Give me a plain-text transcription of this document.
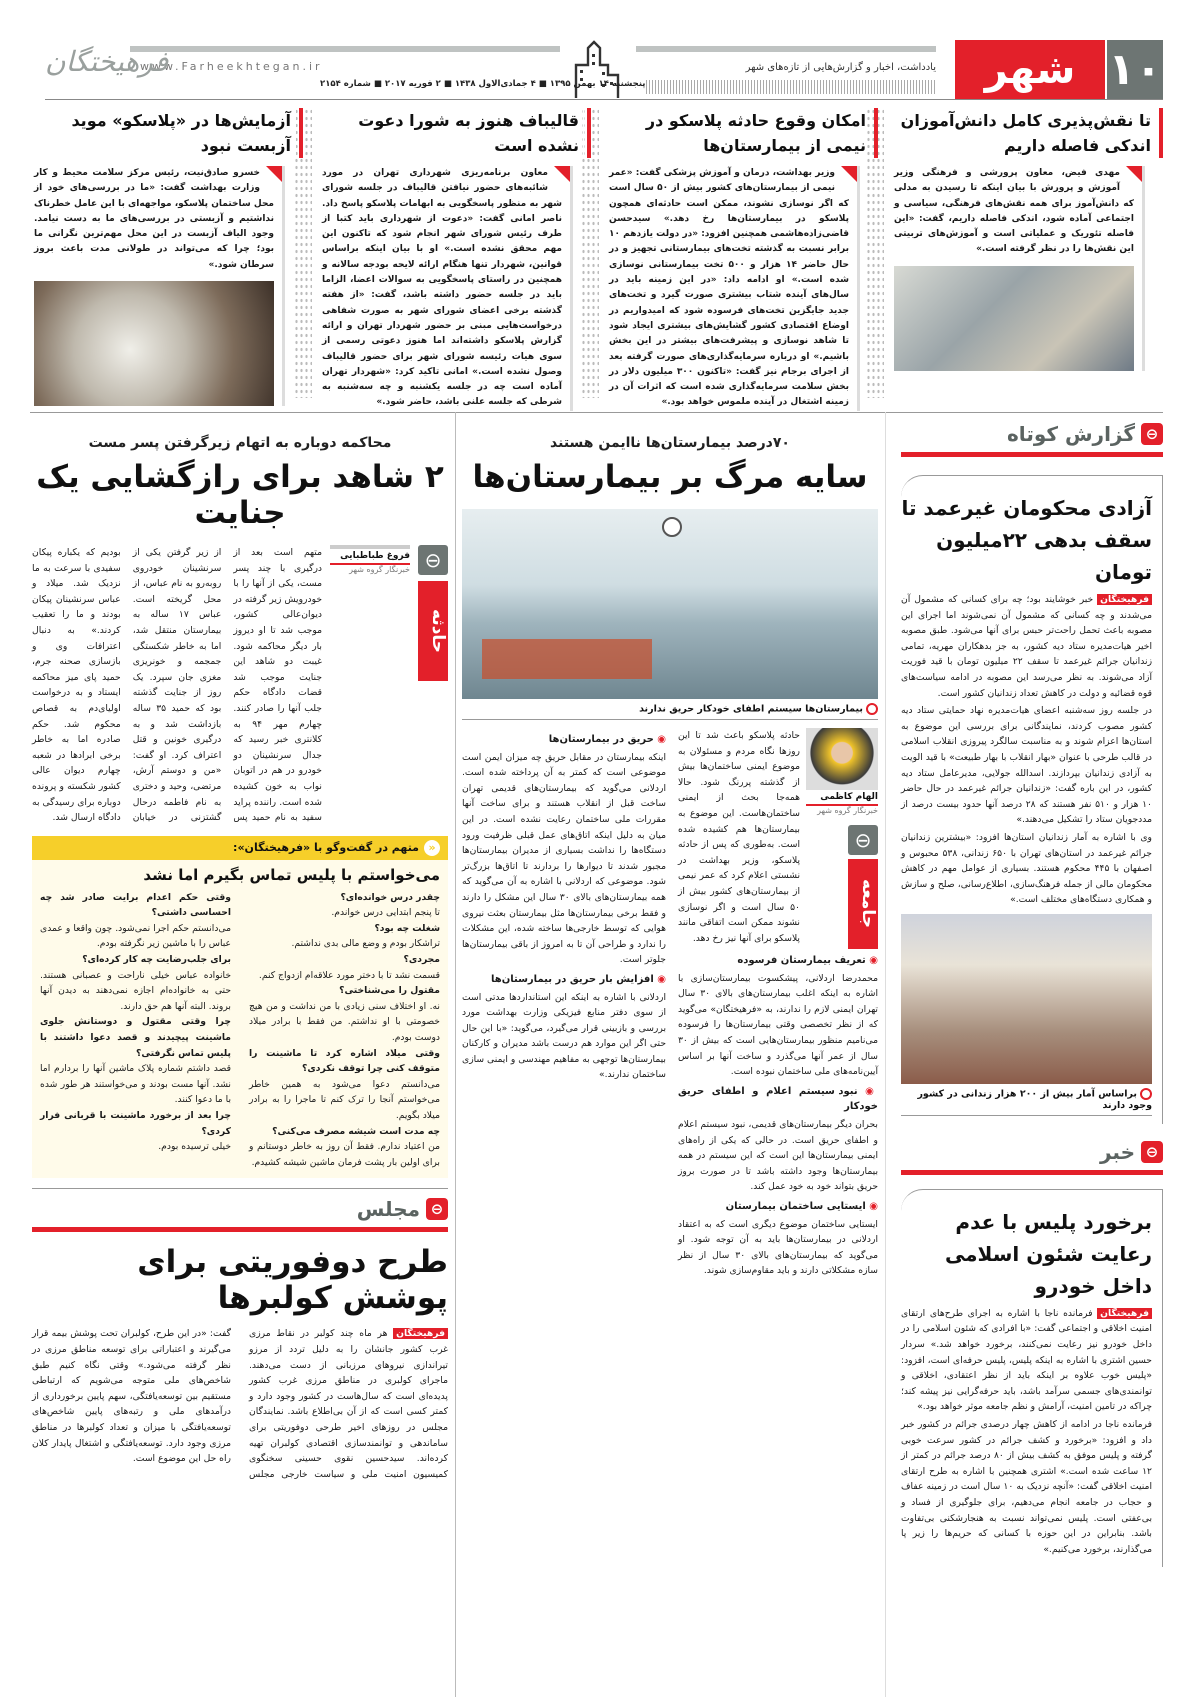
۱۰
شهر
یادداشت، اخبار و گزارش‌هایی از تازه‌های شهر
پنجشنبه ۱۴ بهمن ۱۳۹۵ ■ ۴ جمادی‌الاول ۱۴۳۸ ■ ۲ فوریه ۲۰۱۷ ■ شماره ۲۱۵۴
www.Farheekhtegan.ir
فرهیختگان
تا نقش‌پذیری کامل دانش‌آموزان اندکی فاصله داریم
مهدی فیض، معاون پرورشی و فرهنگی وزیر آموزش و پرورش با بیان اینکه تا رسیدن به مدلی که دانش‌آموز برای همه نقش‌های فرهنگی، سیاسی و اجتماعی آماده شود، اندکی فاصله داریم، گفت: «این فاصله تئوریک و عملیاتی است و آموزش‌های تربیتی این نقش‌ها را در نظر گرفته است.»
امکان وقوع حادثه پلاسکو در نیمی از بیمارستان‌ها
وزیر بهداشت، درمان و آموزش پزشکی گفت: «عمر نیمی از بیمارستان‌های کشور بیش از ۵۰ سال است که اگر نوسازی نشوند، ممکن است حادثه‌ای همچون پلاسکو در بیمارستان‌ها رخ دهد.» سیدحسن قاضی‌زاده‌هاشمی همچنین افزود: «در دولت یازدهم ۱۰ برابر نسبت به گذشته تخت‌های بیمارستانی تجهیز و در حال حاضر ۱۴ هزار و ۵۰۰ تخت بیمارستانی نوسازی شده است.» او ادامه داد: «در این زمینه باید در سال‌های آینده شتاب بیشتری صورت گیرد و تخت‌های جدید جایگزین تخت‌های فرسوده شود که امیدواریم در اوضاع اقتصادی کشور گشایش‌های بیشتری ایجاد شود تا شاهد نوسازی و پیشرفت‌های بیشتر در این بخش باشیم.» او درباره سرمایه‌گذاری‌های صورت گرفته بعد از اجرای برجام نیز گفت: «تاکنون ۳۰۰ میلیون دلار در بخش سلامت سرمایه‌گذاری شده است که اثرات آن در زمینه اشتغال در آینده ملموس خواهد بود.»
قالیباف هنوز به شورا دعوت نشده است
معاون برنامه‌ریزی شهرداری تهران در مورد شائبه‌های حضور نیافتن قالیباف در جلسه شورای شهر به منظور پاسخگویی به ابهامات پلاسکو پاسخ داد. ناصر امانی گفت: «دعوت از شهرداری باید کتبا از طرف رئیس شورای شهر انجام شود که تاکنون این مهم محقق نشده است.» او با بیان اینکه براساس قوانین، شهردار تنها هنگام ارائه لایحه بودجه سالانه و همچنین در راستای پاسخگویی به سوالات اعضا، الزاما باید در جلسه حضور داشته باشد، گفت: «از هفته گذشته برخی اعضای شورای شهر به صورت شفاهی درخواست‌هایی مبنی بر حضور شهردار تهران و ارائه گزارش پلاسکو داشته‌اند اما هنوز دعوتی رسمی از سوی هیات رئیسه شورای شهر برای حضور قالیباف وصول نشده است.» امانی تاکید کرد: «شهردار تهران آماده است چه در جلسه یکشنبه و چه سه‌شنبه به شرطی که جلسه علنی باشد، حاضر شود.»
آزمایش‌ها در «پلاسکو» موید آزبست نبود
خسرو صادق‌نیت، رئیس مرکز سلامت محیط و کار وزارت بهداشت گفت: «ما در بررسی‌های خود از محل ساختمان پلاسکو، مواجهه‌ای با این عامل خطرناک نداشتیم و آزبستی در بررسی‌های ما به دست نیامد. وجود الیاف آزبست در این محل مهم‌ترین نگرانی ما بود؛ چرا که می‌تواند در طولانی مدت باعث بروز سرطان شود.»
⊖
گزارش کوتاه
آزادی محکومان غیرعمد تا سقف بدهی ۲۲میلیون تومان

فرهیختگان خبر خوشایند بود؛ چه برای کسانی که مشمول آن می‌شدند و چه کسانی که مشمول آن نمی‌شوند اما اجرای این مصوبه باعث تحمل راحت‌تر حبس برای آنها می‌شود. طبق مصوبه اخیر هیات‌مدیره ستاد دیه کشور، به جز بدهکاران مهریه، تمامی زندانیان جرائم غیرعمد تا سقف ۲۲ میلیون تومان با قید فوریت آزاد می‌شوند. به نظر می‌رسد این مصوبه در ادامه سیاست‌های قوه قضائیه و دولت در کاهش تعداد زندانیان کشور است.

در جلسه روز سه‌شنبه اعضای هیات‌مدیره نهاد حمایتی ستاد دیه کشور مصوب کردند، نمایندگانی برای بررسی این موضوع به استان‌ها اعزام شوند و به مناسبت سالگرد پیروزی انقلاب اسلامی در قالب طرحی با عنوان «بهار انقلاب با بهار طبیعت» با قید الویت به آزادی زندانیان بپردازند. اسدالله جولایی، مدیرعامل ستاد دیه کشور، در این باره گفت: «زندانیان جرائم غیرعمد در حال حاضر ۱۰ هزار و ۵۱۰ نفر هستند که ۲۸ درصد آنها حدود بیست درصد از مددجویان ستاد را تشکیل می‌دهند.»

وی با اشاره به آمار زندانیان استان‌ها افزود: «بیشترین زندانیان جرائم غیرعمد در استان‌های تهران با ۶۵۰ زندانی، ۵۳۸ محبوس و اصفهان با ۴۴۵ محکوم هستند. بسیاری از عوامل مهم در کاهش محکومان مالی از جمله فرهنگ‌سازی، اطلاع‌رسانی، صلح و سازش و همکاری دستگاه‌های مختلف است.»

براساس آمار بیش از ۲۰۰ هزار زندانی در کشور وجود دارند
⊖
خبر
برخورد پلیس با عدم رعایت شئون اسلامی داخل خودرو

فرهیختگان فرمانده ناجا با اشاره به اجرای طرح‌های ارتقای امنیت اخلاقی و اجتماعی گفت: «با افرادی که شئون اسلامی را در داخل خودرو نیز رعایت نمی‌کنند، برخورد خواهد شد.» سردار حسین اشتری با اشاره به اینکه پلیس، پلیس حرفه‌ای است، افزود: «پلیس خوب علاوه بر اینکه باید از نظر اعتقادی، اخلاقی و توانمندی‌های جسمی سرآمد باشد، باید حرفه‌گرایی نیز پیشه کند؛ چراکه در تامین امنیت، آرامش و نظم جامعه موثر خواهد بود.»

فرمانده ناجا در ادامه از کاهش چهار درصدی جرائم در کشور خبر داد و افزود: «برخورد و کشف جرائم در کشور سرعت خوبی گرفته و پلیس موفق به کشف بیش از ۸۰ درصد جرائم در کمتر از ۱۲ ساعت شده است.» اشتری همچنین با اشاره به طرح ارتقای امنیت اخلاقی گفت: «آنچه نزدیک به ۱۰ سال است در زمینه عفاف و حجاب در جامعه انجام می‌دهیم، برای جلوگیری از فساد و بی‌عفتی است. پلیس نمی‌تواند نسبت به هنجارشکنی بی‌تفاوت باشد. بنابراین در این حوزه با کسانی که حریم‌ها را زیر پا می‌گذارند، برخورد می‌کنیم.»

۷۰درصد بیمارستان‌ها ناایمن هستند
سایه مرگ بر بیمارستان‌ها
بیمارستان‌ها سیستم اطفای خودکار حریق ندارند
الهام کاظمی
خبرنگار گروه شهر
⊖
جامعه
حادثه پلاسکو باعث شد تا این روزها نگاه مردم و مسئولان به موضوع ایمنی ساختمان‌ها بیش از گذشته پررنگ شود. حالا همه‌جا بحث از ایمنی ساختمان‌هاست. این موضوع به بیمارستان‌ها هم کشیده شده است. به‌طوری که پس از حادثه پلاسکو، وزیر بهداشت در نشستی اعلام کرد که عمر نیمی از بیمارستان‌های کشور بیش از ۵۰ سال است و اگر نوسازی نشوند ممکن است اتفاقی مانند پلاسکو برای آنها نیز رخ دهد.
◉ تعریف بیمارستان فرسوده

محمدرضا اردلانی، پیشکسوت بیمارستان‌سازی با اشاره به اینکه اغلب بیمارستان‌های بالای ۳۰ سال تهران ایمنی لازم را ندارند، به «فرهیختگان» می‌گوید که از نظر تخصصی وقتی بیمارستان‌ها را فرسوده می‌نامیم منظور بیمارستان‌هایی است که بیش از ۳۰ سال از عمر آنها می‌گذرد و ساخت آنها بر اساس آیین‌نامه‌های ملی ساختمان نبوده است.

◉ نبود سیستم اعلام و اطفای حریق خودکار

بحران دیگر بیمارستان‌های قدیمی، نبود سیستم اعلام و اطفای حریق است. در حالی که یکی از راه‌های ایمنی بیمارستان‌ها این است که این سیستم در همه بیمارستان‌ها وجود داشته باشد تا در صورت بروز حریق بتواند خود به خود عمل کند.

◉ ایستایی ساختمان بیمارستان

ایستایی ساختمان موضوع دیگری است که به اعتقاد اردلانی در بیمارستان‌ها باید به آن توجه شود. او می‌گوید که بیمارستان‌های بالای ۳۰ سال از نظر سازه مشکلاتی دارند و باید مقاوم‌سازی شوند.

◉ حریق در بیمارستان‌ها

اینکه بیمارستان در مقابل حریق چه میزان ایمن است موضوعی است که کمتر به آن پرداخته شده است. اردلانی می‌گوید که بیمارستان‌های قدیمی تهران ساخت قبل از انقلاب هستند و برای ساخت آنها مقررات ملی ساختمان رعایت نشده است. در این میان به دلیل اینکه اتاق‌های عمل قبلی ظرفیت ورود دستگاه‌ها را نداشت بسیاری از مدیران بیمارستان‌ها مجبور شدند تا دیوارها را بردارند تا اتاق‌ها بزرگ‌تر شود. موضوعی که اردلانی با اشاره به آن می‌گوید که همه بیمارستان‌های بالای ۳۰ سال این مشکل را دارند و فقط برخی بیمارستان‌ها مثل بیمارستان بعثت نیروی هوایی که توسط خارجی‌ها ساخته شده، این مشکلات را ندارد و طراحی آن تا به امروز از باقی بیمارستان‌ها جلوتر است.

◉ افزایش بار حریق در بیمارستان‌ها

اردلانی با اشاره به اینکه این استانداردها مدتی است از سوی دفتر منابع فیزیکی وزارت بهداشت مورد بررسی و بازبینی قرار می‌گیرد، می‌گوید: «با این حال حتی اگر این موارد هم درست باشد مدیران و کارکنان بیمارستان‌ها توجهی به مفاهیم مهندسی و ایمنی سازی ساختمان ندارند.»

محاکمه دوباره به اتهام زیرگرفتن پسر مست
۲ شاهد برای رازگشایی یک جنایت
⊖
حادثه
فروغ طباطبایی
خبرنگار گروه شهر
متهم است بعد از درگیری با چند پسر مست، یکی از آنها را با خودرویش زیر گرفته در دیوان‌عالی کشور، موجب شد تا او دیروز بار دیگر محاکمه شود. غیبت دو شاهد این جنایت موجب شد قضات دادگاه حکم جلب آنها را صادر کنند. چهارم مهر ۹۴ به کلانتری خبر رسید که جدال سرنشینان دو خودرو در هم در اتوبان نواب به خون کشیده شده است. راننده پراید سفید به نام حمید پس از زیر گرفتن یکی از سرنشینان خودروی روبه‌رو به نام عباس، از محل گریخته است. عباس ۱۷ ساله به بیمارستان منتقل شد، اما به خاطر شکستگی جمجمه و خونریزی مغزی جان سپرد. یک روز از جنایت گذشته بود که حمید ۳۵ ساله بازداشت شد و به درگیری خونین و قتل اعتراف کرد. او گفت: «من و دوستم آرش، مرتضی، وحید و دختری به نام فاطمه درحال گشتزنی در خیابان بودیم که یکباره پیکان سفیدی با سرعت به ما نزدیک شد. میلاد و عباس سرنشینان پیکان بودند و ما را تعقیب کردند.» به دنبال اعترافات وی و بازسازی صحنه جرم، حمید پای میز محاکمه ایستاد و به درخواست اولیای‌دم به قصاص محکوم شد. حکم صادره اما به خاطر برخی ابرادها در شعبه چهارم دیوان عالی کشور شکسته و پرونده دوباره برای رسیدگی به دادگاه ارسال شد.
«
متهم در گفت‌وگو با «فرهیختگان»:
می‌خواستم با پلیس تماس بگیرم اما نشد
چقدر درس خوانده‌ای؟
تا پنجم ابتدایی درس خواندم.
شغلت چه بود؟
تراشکار بودم و وضع مالی بدی نداشتم.
مجردی؟
قسمت نشد تا با دختر مورد علاقه‌ام ازدواج کنم.
مقتول را می‌شناختی؟
نه. او اختلاف سنی زیادی با من نداشت و من هیچ خصومتی با او نداشتم. من فقط با برادر میلاد دوست بودم.
وقتی میلاد اشاره کرد تا ماشینت را متوقف کنی چرا توقف نکردی؟
می‌دانستم دعوا می‌شود به همین خاطر می‌خواستم آنجا را ترک کنم تا ماجرا را به برادر میلاد بگویم.
چه مدت است شیشه مصرف می‌کنی؟
من اعتیاد ندارم. فقط آن روز به خاطر دوستانم و برای اولین بار پشت فرمان ماشین شیشه کشیدم.
وقتی حکم اعدام برایت صادر شد چه احساسی داشتی؟
می‌دانستم حکم اجرا نمی‌شود. چون واقعا و عمدی عباس را با ماشین زیر نگرفته بودم.
برای جلب‌رضایت چه کار کرده‌ای؟
خانواده عباس خیلی ناراحت و عصبانی هستند. حتی به خانواده‌ام اجازه نمی‌دهند به دیدن آنها بروند. البته آنها هم حق دارند.
چرا وقتی مقتول و دوستانش جلوی ماشینت پیچیدند و قصد دعوا داشتند با پلیس تماس نگرفتی؟
قصد داشتم شماره پلاک ماشین آنها را بردارم اما نشد. آنها مست بودند و می‌خواستند هر طور شده با ما دعوا کنند.
چرا بعد از برخورد ماشینت با قربانی فرار کردی؟
خیلی ترسیده بودم.
⊖
مجلس
طرح دوفوریتی برای پوشش کولبرها
فرهیختگان هر ماه چند کولبر در نقاط مرزی غرب کشور جانشان را به دلیل تردد از مرزو تیراندازی نیروهای مرزبانی از دست می‌دهند. ماجرای کولبری در مناطق مرزی غرب کشور پدیده‌ای است که سال‌هاست در کشور وجود دارد و کمتر کسی است که از آن بی‌اطلاع باشد. نمایندگان مجلس در روزهای اخیر طرحی دوفوریتی برای ساماندهی و توانمندسازی اقتصادی کولبران تهیه کرده‌اند. سیدحسین نقوی حسینی سخنگوی کمیسیون امنیت ملی و سیاست خارجی مجلس گفت: «در این طرح، کولبران تحت پوشش بیمه قرار می‌گیرند و اعتباراتی برای توسعه مناطق مرزی در نظر گرفته می‌شود.» وقتی نگاه کنیم طبق شاخص‌های ملی متوجه می‌شویم که ارتباطی مستقیم بین توسعه‌یافتگی، سهم پایین برخورداری از درآمدهای ملی و رتبه‌های پایین شاخص‌های توسعه‌یافتگی با میزان و تعداد کولبرها در مناطق مرزی وجود دارد. توسعه‌یافتگی و اشتغال پایدار کلان راه حل این موضوع است.
